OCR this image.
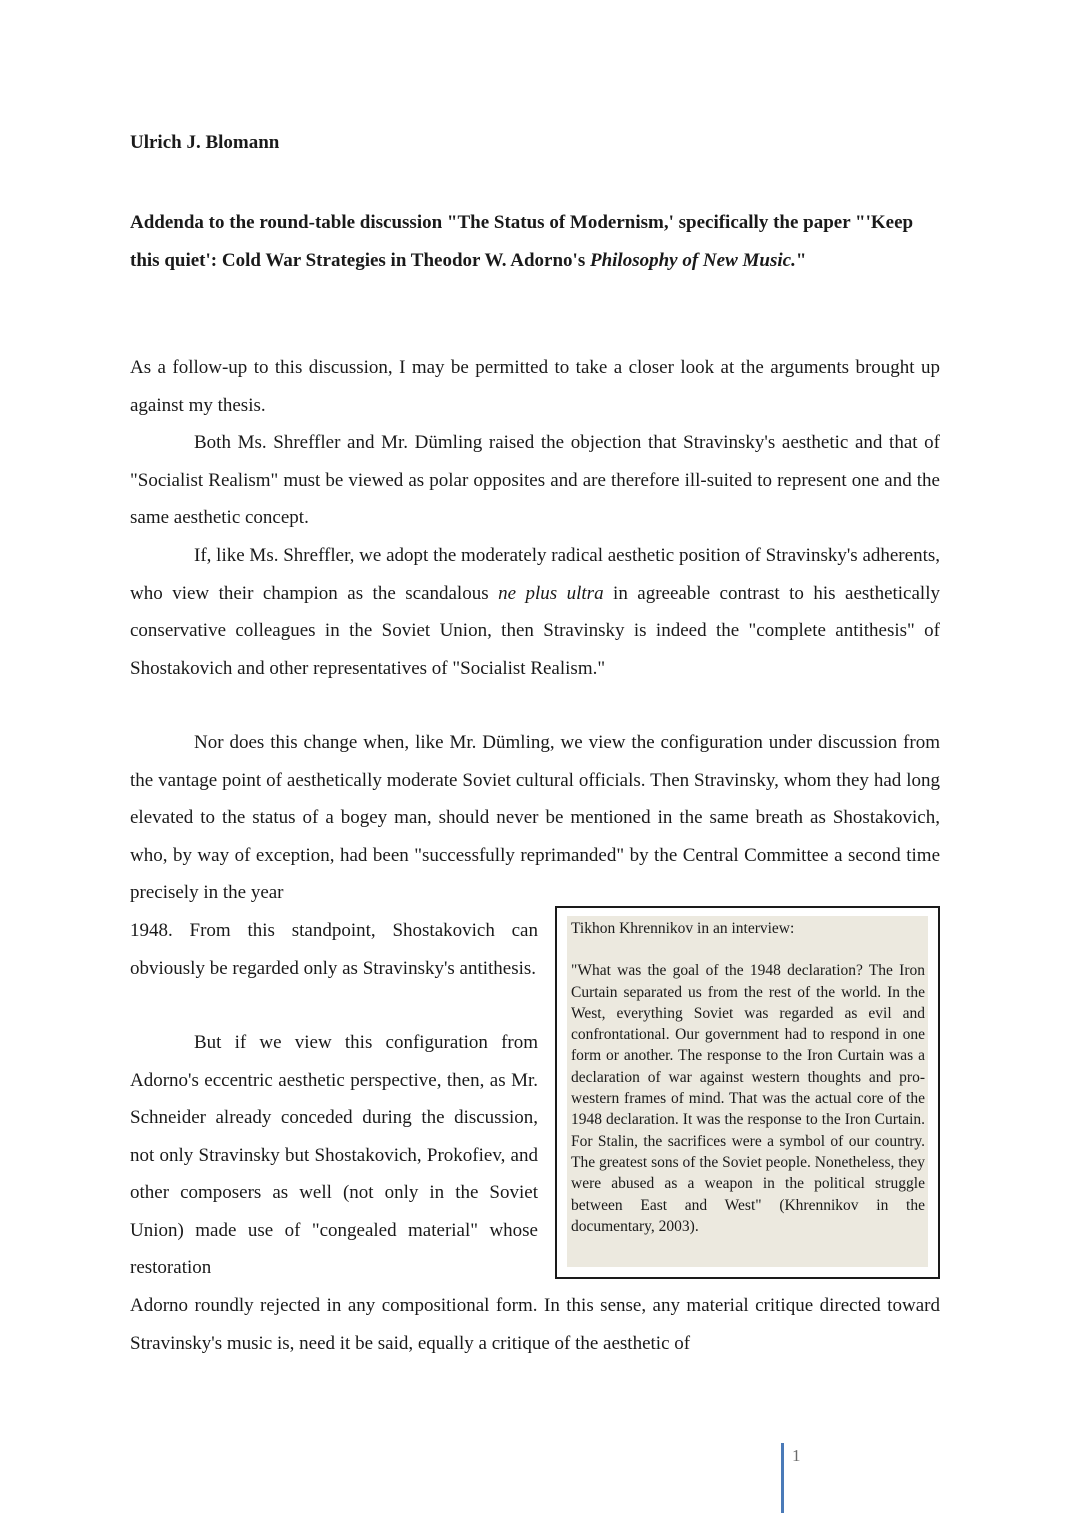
Ulrich J. Blomann

Addenda to the round-table discussion "The Status of Modernism,' specifically the paper "'Keep this quiet': Cold War Strategies in Theodor W. Adorno's Philosophy of New Music."

As a follow-up to this discussion, I may be permitted to take a closer look at the arguments brought up against my thesis.

Both Ms. Shreffler and Mr. Dümling raised the objection that Stravinsky's aesthetic and that of "Socialist Realism" must be viewed as polar opposites and are therefore ill-suited to represent one and the same aesthetic concept.

If, like Ms. Shreffler, we adopt the moderately radical aesthetic position of Stravinsky's adherents, who view their champion as the scandalous ne plus ultra in agreeable contrast to his aesthetically conservative colleagues in the Soviet Union, then Stravinsky is indeed the "complete antithesis" of Shostakovich and other representatives of "Socialist Realism."

Nor does this change when, like Mr. Dümling, we view the configuration under discussion from the vantage point of aesthetically moderate Soviet cultural officials. Then Stravinsky, whom they had long elevated to the status of a bogey man, should never be mentioned in the same breath as Shostakovich, who, by way of exception, had been "successfully reprimanded" by the Central Committee a second time precisely in the year

1948. From this standpoint, Shostakovich can obviously be regarded only as Stravinsky's antithesis.

But if we view this configuration from Adorno's eccentric aesthetic perspective, then, as Mr. Schneider already conceded during the discussion, not only Stravinsky but Shostakovich, Prokofiev, and other composers as well (not only in the Soviet Union) made use of "congealed material" whose restoration

Adorno roundly rejected in any compositional form. In this sense, any material critique directed toward Stravinsky's music is, need it be said, equally a critique of the aesthetic of

Tikhon Khrennikov in an interview:

"What was the goal of the 1948 declaration? The Iron Curtain separated us from the rest of the world. In the West, everything Soviet was regarded as evil and confrontational. Our government had to respond in one form or another. The response to the Iron Curtain was a declaration of war against western thoughts and pro-western frames of mind. That was the actual core of the 1948 declaration. It was the response to the Iron Curtain. For Stalin, the sacrifices were a symbol of our country. The greatest sons of the Soviet people. Nonetheless, they were abused as a weapon in the political struggle between East and West" (Khrennikov in the documentary, 2003).

1
